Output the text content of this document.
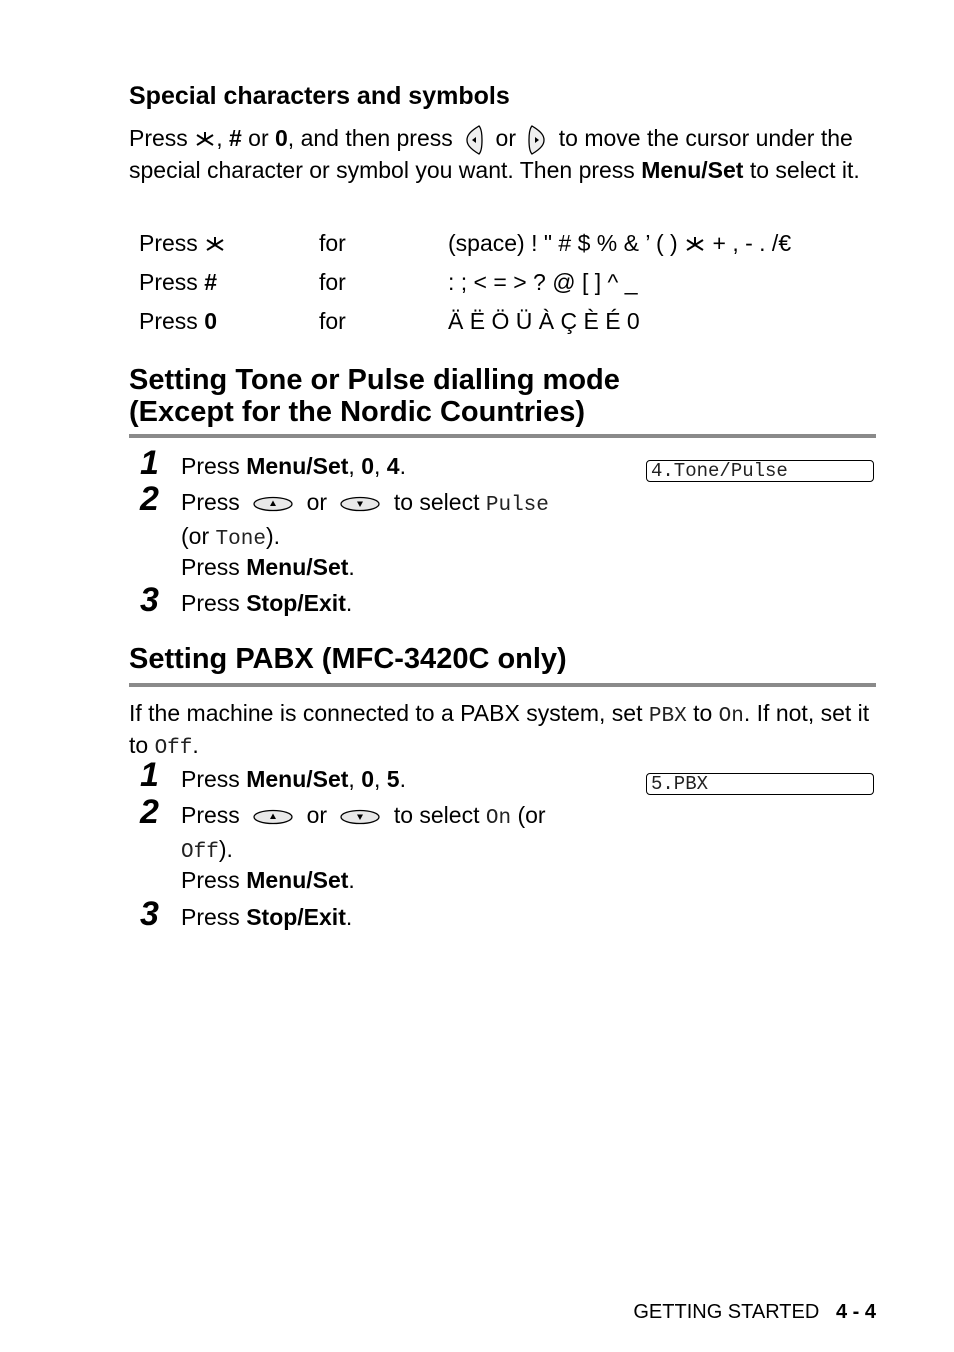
Special characters and symbols
Press , # or 0, and then press or to move the cursor under the special character or symbol you want. Then press Menu/Set to select it.
Press	for	(space) ! " # $ % & ’ ( ) + , - . /€
Press #	for	: ; < = > ? @ [ ] ^ _
Press 0	for	Ä Ë Ö Ü À Ç È É 0
Setting Tone or Pulse dialling mode
(Except for the Nordic Countries)
4.Tone/Pulse
1 Press Menu/Set, 0, 4.
2 Press	or	to select Pulse
(or Tone).
Press Menu/Set.
3 Press Stop/Exit.
Setting PABX (MFC-3420C only)
If the machine is connected to a PABX system, set PBX to On. If not, set it to Off.
5.PBX
1 Press Menu/Set, 0, 5.
2 Press	or	to select On (or
Off).
Press Menu/Set.
3 Press Stop/Exit.
GETTING STARTED 4 - 4
